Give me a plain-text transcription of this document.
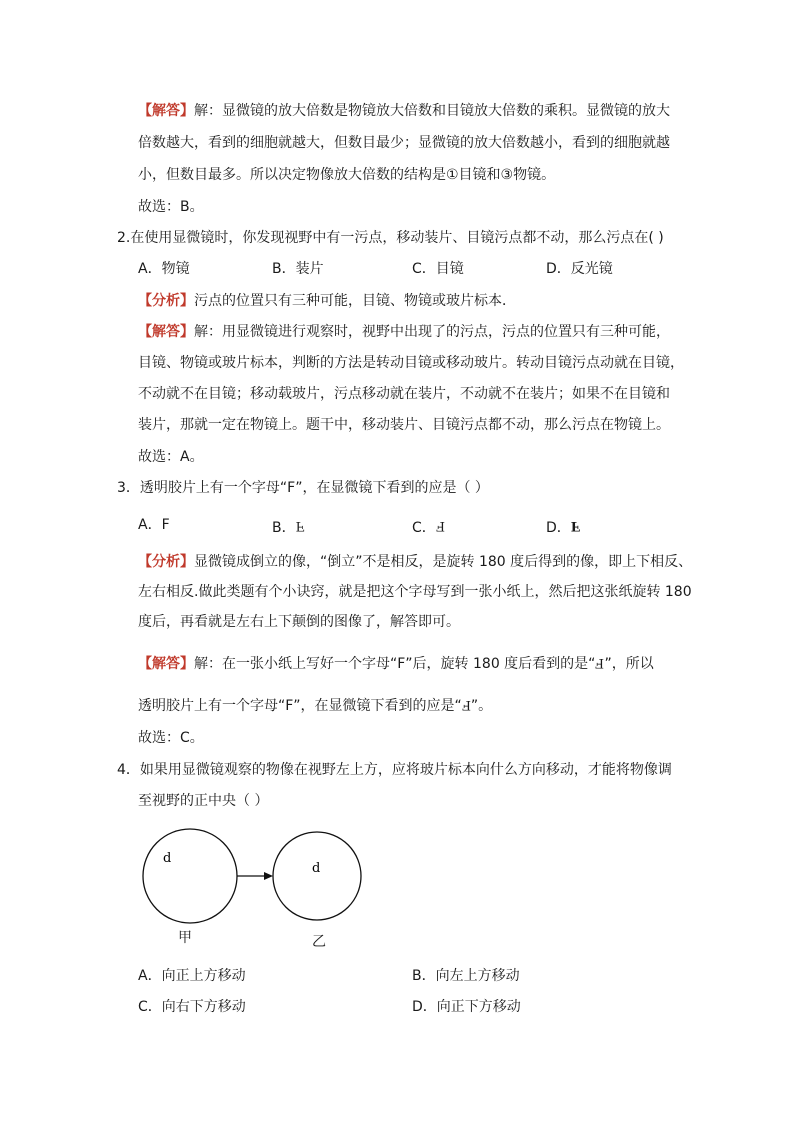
【解答】解：显微镜的放大倍数是物镜放大倍数和目镜放大倍数的乘积。显微镜的放大
倍数越大，看到的细胞就越大，但数目最少；显微镜的放大倍数越小，看到的细胞就越
小，但数目最多。所以决定物像放大倍数的结构是①目镜和③物镜。
故选：B。
2.在使用显微镜时，你发现视野中有一污点，移动装片、目镜污点都不动，那么污点在( )
A．物镜	B．装片	C．目镜	D．反光镜
【分析】污点的位置只有三种可能，目镜、物镜或玻片标本．
【解答】解：用显微镜进行观察时，视野中出现了的污点，污点的位置只有三种可能，
目镜、物镜或玻片标本，判断的方法是转动目镜或移动玻片。转动目镜污点动就在目镜，
不动就不在目镜；移动载玻片，污点移动就在装片，不动就不在装片；如果不在目镜和
装片，那就一定在物镜上。题干中，移动装片、目镜污点都不动，那么污点在物镜上。
故选：A。
3．透明胶片上有一个字母“F”，在显微镜下看到的应是（ ）
A．F	B．F	C．F	D．F
【分析】显微镜成倒立的像，“倒立”不是相反，是旋转 180 度后得到的像，即上下相反、
左右相反.做此类题有个小诀窍，就是把这个字母写到一张小纸上，然后把这张纸旋转 180
度后，再看就是左右上下颠倒的图像了，解答即可。
【解答】解：在一张小纸上写好一个字母“F”后，旋转 180 度后看到的是“F”，所以
透明胶片上有一个字母“F”，在显微镜下看到的应是“F”。
故选：C。
4．如果用显微镜观察的物像在视野左上方，应将玻片标本向什么方向移动，才能将物像调
至视野的正中央（ ）
d
d
甲	乙
A．向正上方移动	B．向左上方移动
C．向右下方移动	D．向正下方移动
